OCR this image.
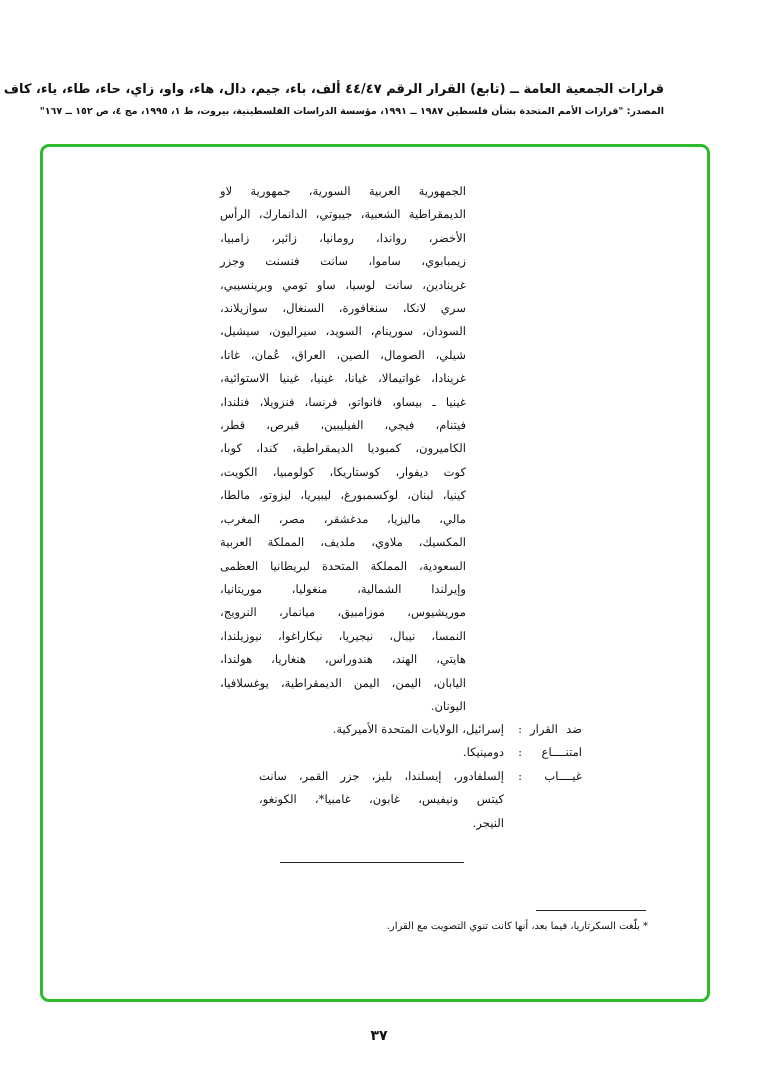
قرارات الجمعية العامة ــ (تابع) القرار الرقم ٤٤/٤٧ ألف، باء، جيم، دال، هاء، واو، زاي، حاء، طاء، ياء، كاف
المصدر: "قرارات الأمم المتحدة بشأن فلسطين ١٩٨٧ ــ ١٩٩١، مؤسسة الدراسات الفلسطينية، بيروت، ط ١، ١٩٩٥، مج ٤، ص ١٥٢ ــ ١٦٧"
الجمهورية العربية السورية، جمهورية لاو
الديمقراطية الشعبية، جيبوتي، الدانمارك، الرأس
الأخضر، رواندا، رومانيا، زائير، زامبيا،
زيمبابوي، ساموا، سانت فنسنت وجزر
غرينادين، سانت لوسيا، ساو تومي وبرينسيبي،
سري لانكا، سنغافورة، السنغال، سوازيلاند،
السودان، سورينام، السويد، سيراليون، سيشيل،
شيلي، الصومال، الصين، العراق، عُمان، غانا،
غرينادا، غواتيمالا، غيانا، غينيا، غينيا الاستوائية،
غينيا ـ بيساو، فانواتو، فرنسا، فنزويلا، فنلندا،
فيتنام، فيجي، الفيليبين، قبرص، قطر،
الكاميرون، كمبوديا الديمقراطية، كندا، كوبا،
كوت ديفوار، كوستاريكا، كولومبيا، الكويت،
كينيا، لبنان، لوكسمبورغ، ليبيريا، ليزوتو، مالطا،
مالي، ماليزيا، مدغشقر، مصر، المغرب،
المكسيك، ملاوي، ملديف، المملكة العربية
السعودية، المملكة المتحدة لبريطانيا العظمى
وإيرلندا الشمالية، منغوليا، موريتانيا،
موريشيوس، موزامبيق، ميانمار، النرويج،
النمسا، نيبال، نيجيريا، نيكاراغوا، نيوزيلندا،
هايتي، الهند، هندوراس، هنغاريا، هولندا،
اليابان، اليمن، اليمن الديمقراطية، يوغسلافيا،
اليونان.
ضد القرار
:
إسرائيل، الولايات المتحدة الأميركية.
امتنــــاع
:
دومينيكا.
غيــــاب
:
إلسلفادور، إيسلندا، بليز، جزر القمر، سانت
كيتس ونيفيس، غابون، غامبيا*، الكونغو،
النيجر.
* بلّغت السكرتاريا، فيما بعد، أنها كانت تنوي التصويت مع القرار.
٣٧
